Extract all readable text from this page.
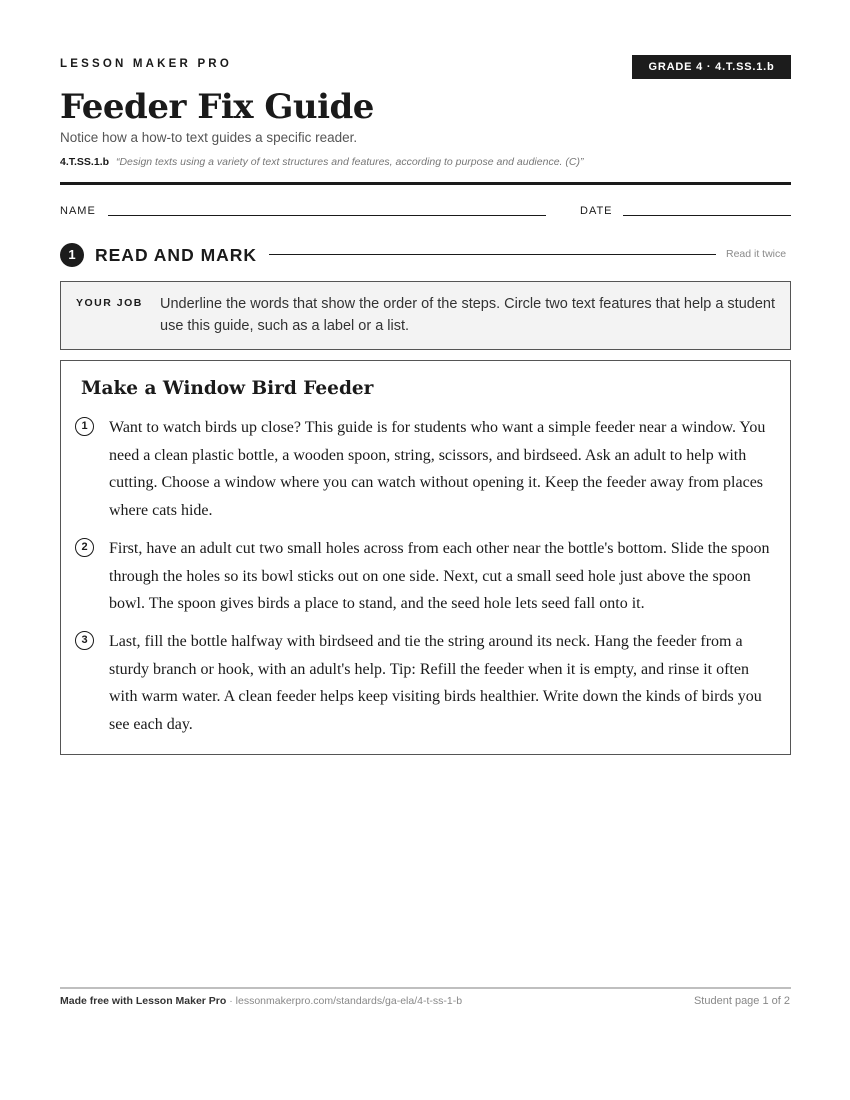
LESSON MAKER PRO	GRADE 4 · 4.T.SS.1.b
Feeder Fix Guide
Notice how a how-to text guides a specific reader.
4.T.SS.1.b “Design texts using a variety of text structures and features, according to purpose and audience. (C)”
NAME	DATE
1	READ AND MARK	Read it twice
YOUR JOB Underline the words that show the order of the steps. Circle two text features that help a student use this guide, such as a label or a list.
Make a Window Bird Feeder
1	Want to watch birds up close? This guide is for students who want a simple feeder near a window. You need a clean plastic bottle, a wooden spoon, string, scissors, and birdseed. Ask an adult to help with cutting. Choose a window where you can watch without opening it. Keep the feeder away from places where cats hide.
2	First, have an adult cut two small holes across from each other near the bottle's bottom. Slide the spoon through the holes so its bowl sticks out on one side. Next, cut a small seed hole just above the spoon bowl. The spoon gives birds a place to stand, and the seed hole lets seed fall onto it.
3	Last, fill the bottle halfway with birdseed and tie the string around its neck. Hang the feeder from a sturdy branch or hook, with an adult's help. Tip: Refill the feeder when it is empty, and rinse it often with warm water. A clean feeder helps keep visiting birds healthier. Write down the kinds of birds you see each day.
Made free with Lesson Maker Pro · lessonmakerpro.com/standards/ga-ela/4-t-ss-1-b	Student page 1 of 2
